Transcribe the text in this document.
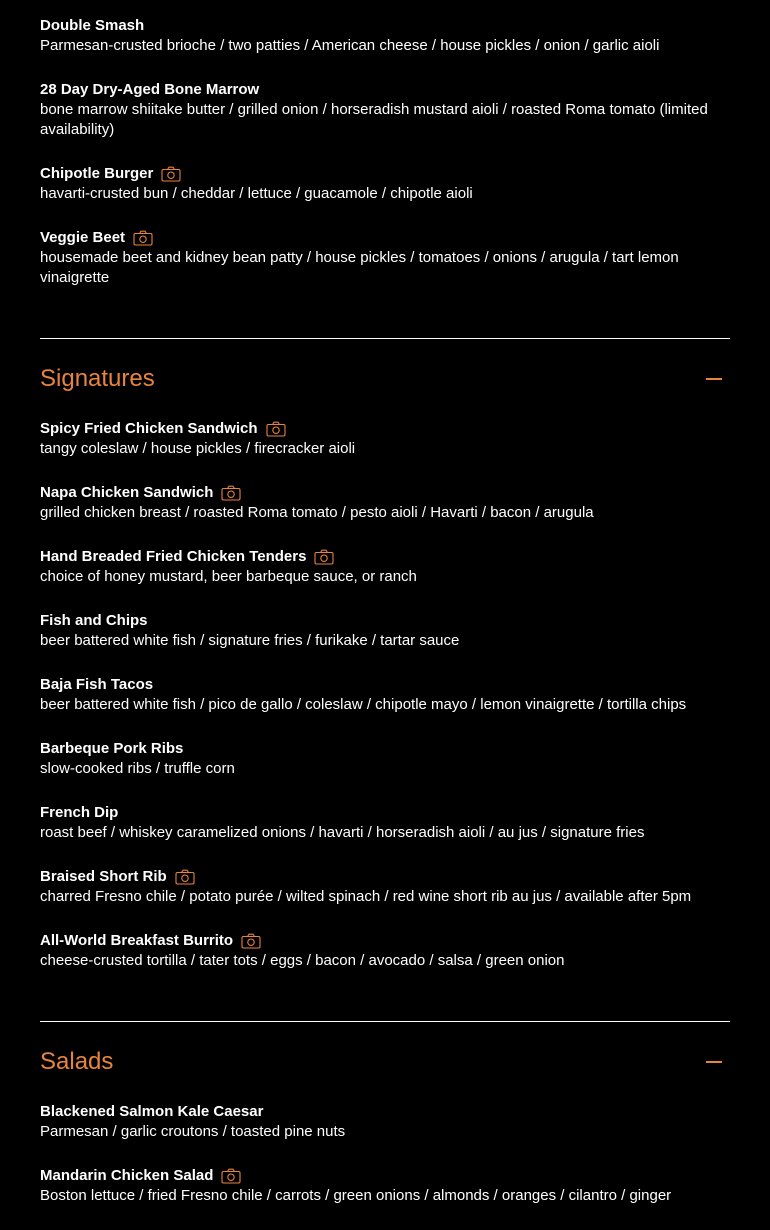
Double Smash
Parmesan-crusted brioche / two patties / American cheese / house pickles / onion / garlic aioli
28 Day Dry-Aged Bone Marrow
bone marrow shiitake butter / grilled onion / horseradish mustard aioli / roasted Roma tomato (limited availability)
Chipotle Burger
havarti-crusted bun / cheddar / lettuce / guacamole / chipotle aioli
Veggie Beet
housemade beet and kidney bean patty / house pickles / tomatoes / onions / arugula / tart lemon vinaigrette
Signatures
Spicy Fried Chicken Sandwich
tangy coleslaw / house pickles / firecracker aioli
Napa Chicken Sandwich
grilled chicken breast / roasted Roma tomato / pesto aioli / Havarti / bacon / arugula
Hand Breaded Fried Chicken Tenders
choice of honey mustard, beer barbeque sauce, or ranch
Fish and Chips
beer battered white fish / signature fries / furikake / tartar sauce
Baja Fish Tacos
beer battered white fish / pico de gallo / coleslaw / chipotle mayo / lemon vinaigrette / tortilla chips
Barbeque Pork Ribs
slow-cooked ribs / truffle corn
French Dip
roast beef / whiskey caramelized onions / havarti / horseradish aioli / au jus / signature fries
Braised Short Rib
charred Fresno chile / potato purée / wilted spinach / red wine short rib au jus / available after 5pm
All-World Breakfast Burrito
cheese-crusted tortilla / tater tots / eggs / bacon / avocado / salsa / green onion
Salads
Blackened Salmon Kale Caesar
Parmesan / garlic croutons / toasted pine nuts
Mandarin Chicken Salad
Boston lettuce / fried Fresno chile / carrots / green onions / almonds / oranges / cilantro / ginger
